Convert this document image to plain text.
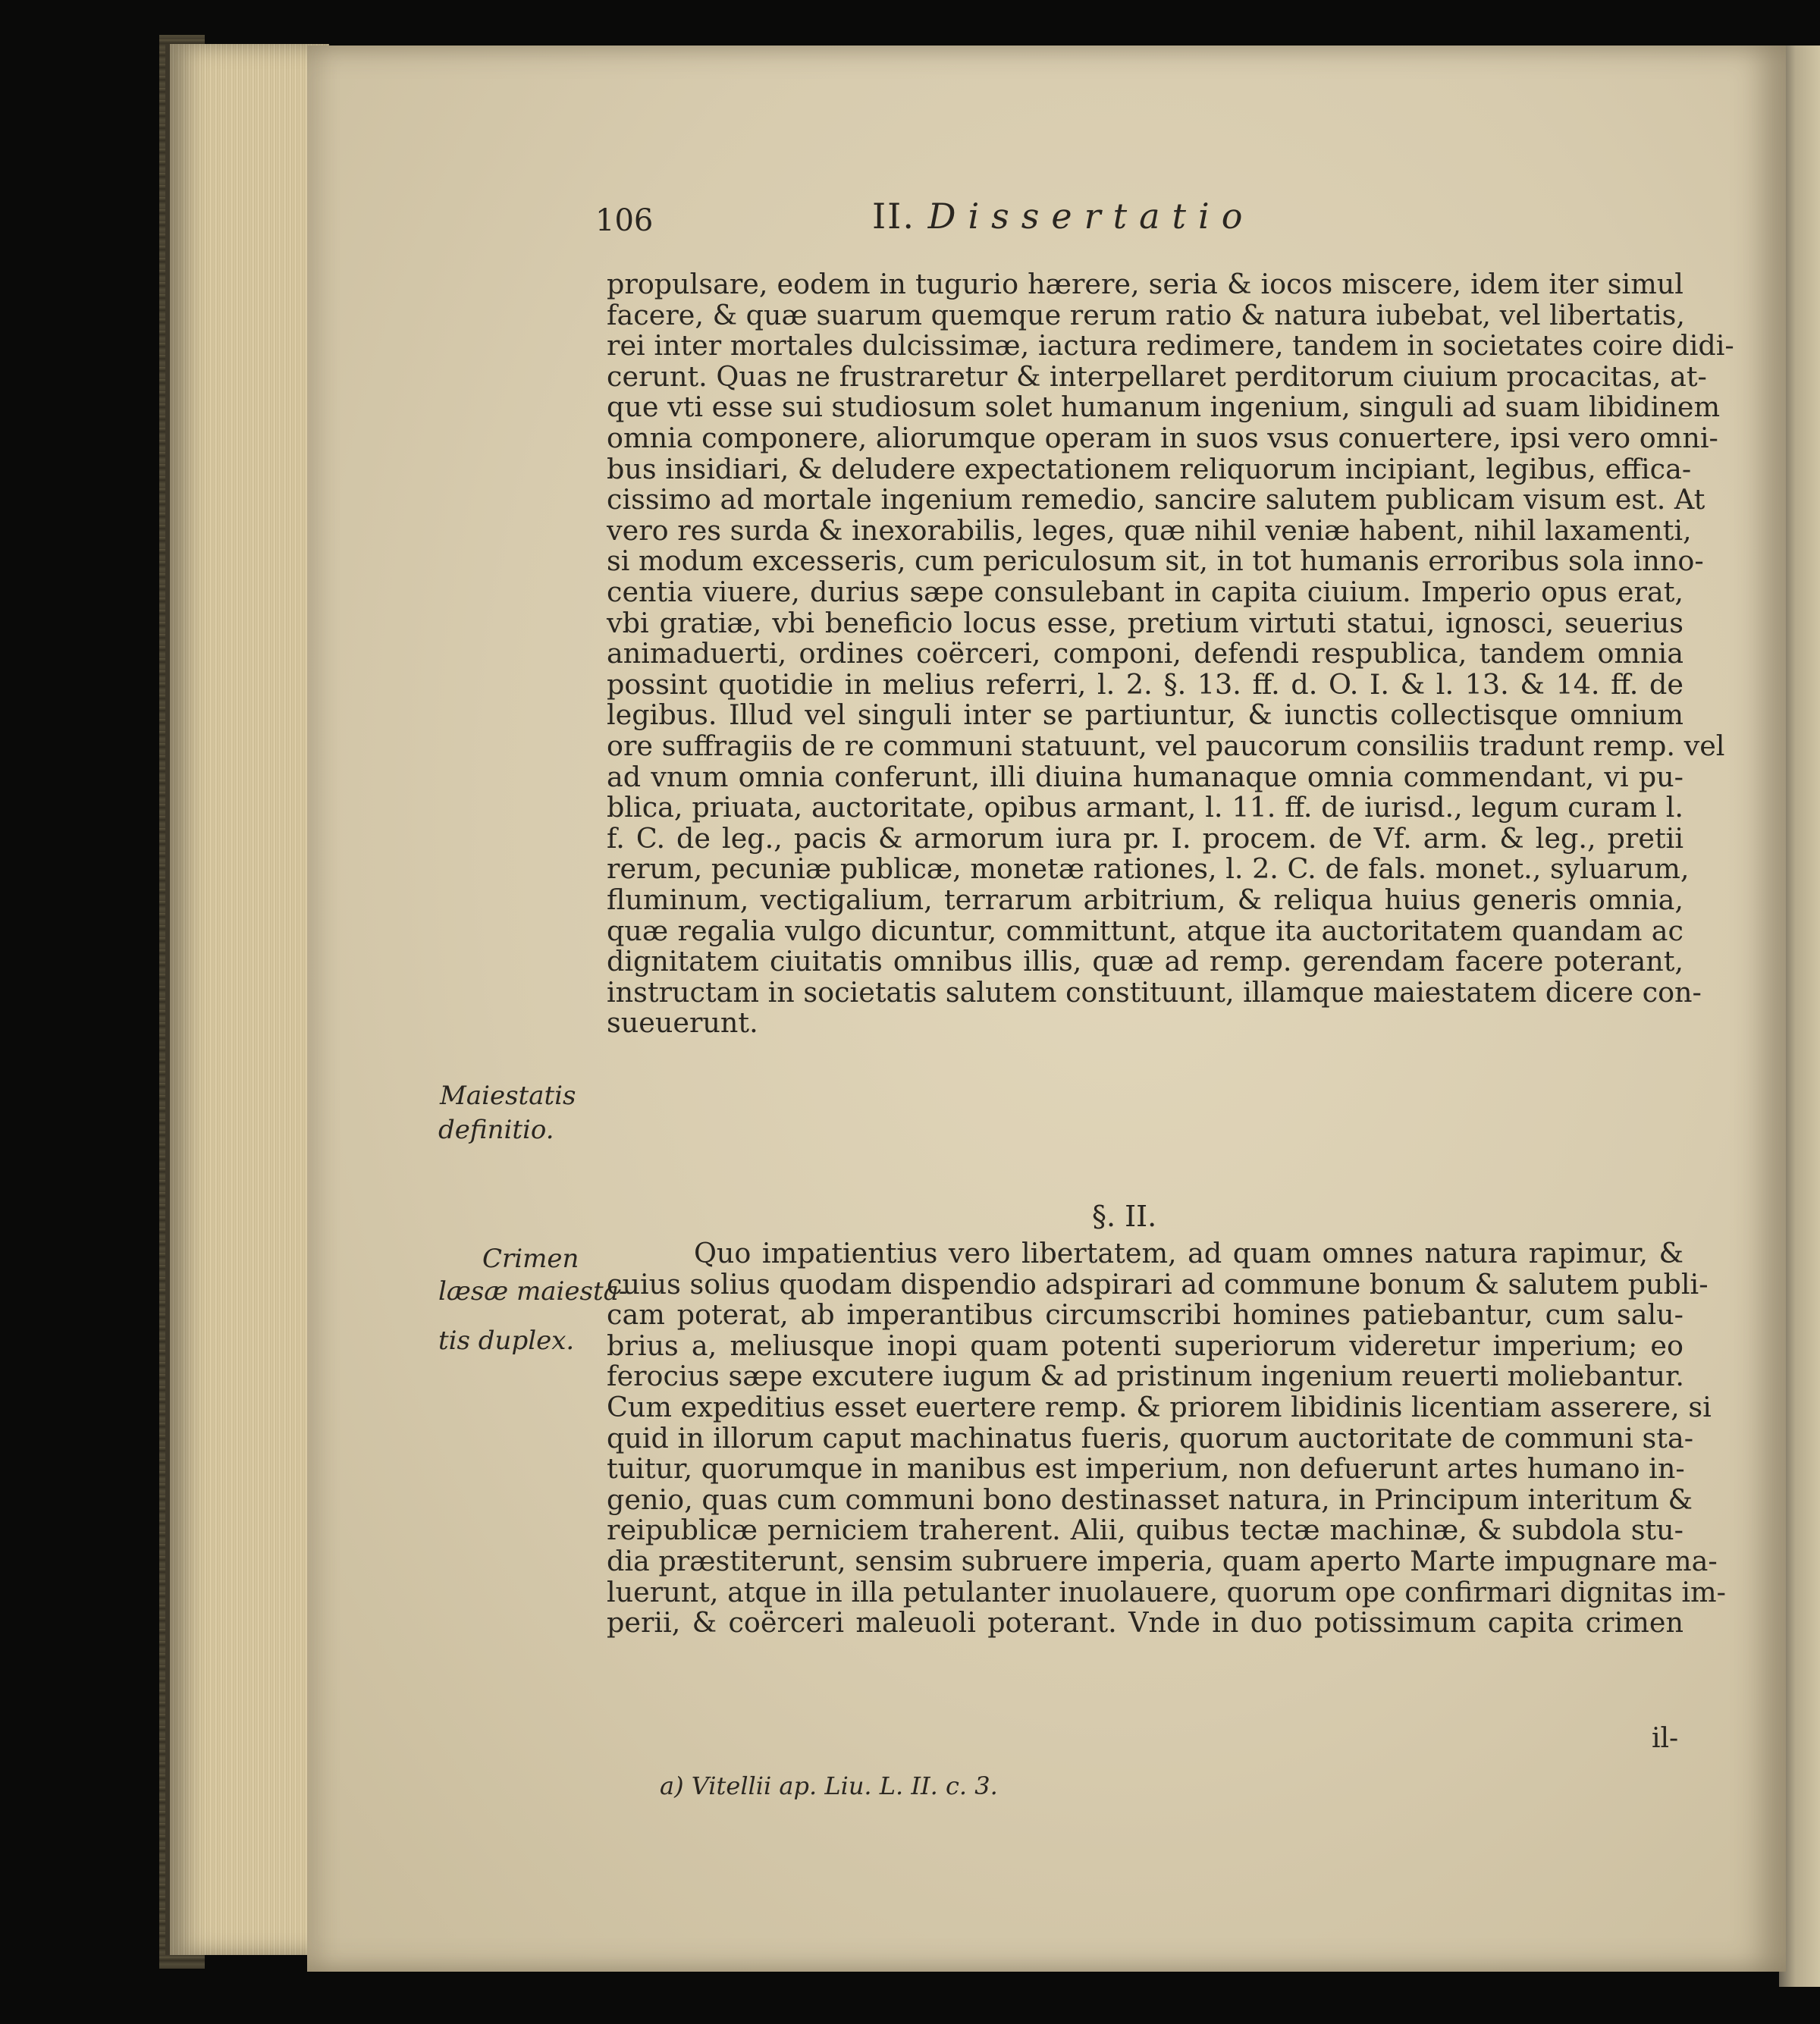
106	II. Dissertatio
propulsare, eodem in tugurio hærere, seria & iocos miscere, idem iter simul
facere, & quæ suarum quemque rerum ratio & natura iubebat, vel libertatis,
rei inter mortales dulcissimæ, iactura redimere, tandem in societates coire didi-
cerunt. Quas ne frustraretur & interpellaret perditorum ciuium procacitas, at-
que vti esse sui studiosum solet humanum ingenium, singuli ad suam libidinem
omnia componere, aliorumque operam in suos vsus conuertere, ipsi vero omni-
bus insidiari, & deludere expectationem reliquorum incipiant, legibus, effica-
cissimo ad mortale ingenium remedio, sancire salutem publicam visum est. At
vero res surda & inexorabilis, leges, quæ nihil veniæ habent, nihil laxamenti,
si modum excesseris, cum periculosum sit, in tot humanis erroribus sola inno-
centia viuere, durius sæpe consulebant in capita ciuium. Imperio opus erat,
vbi gratiæ, vbi beneficio locus esse, pretium virtuti statui, ignosci, seuerius
animaduerti, ordines coërceri, componi, defendi respublica, tandem omnia
possint quotidie in melius referri, l. 2. §. 13. ff. d. O. I. & l. 13. & 14. ff. de
legibus. Illud vel singuli inter se partiuntur, & iunctis collectisque omnium
ore suffragiis de re communi statuunt, vel paucorum consiliis tradunt remp. vel
ad vnum omnia conferunt, illi diuina humanaque omnia commendant, vi pu-
blica, priuata, auctoritate, opibus armant, l. 11. ff. de iurisd., legum curam l.
f. C. de leg., pacis & armorum iura pr. I. procem. de Vf. arm. & leg., pretii
rerum, pecuniæ publicæ, monetæ rationes, l. 2. C. de fals. monet., syluarum,
fluminum, vectigalium, terrarum arbitrium, & reliqua huius generis omnia,
quæ regalia vulgo dicuntur, committunt, atque ita auctoritatem quandam ac
dignitatem ciuitatis omnibus illis, quæ ad remp. gerendam facere poterant,
instructam in societatis salutem constituunt, illamque maiestatem dicere con-
sueuerunt.
§. II.
Quo impatientius vero libertatem, ad quam omnes natura rapimur, &
cuius solius quodam dispendio adspirari ad commune bonum & salutem publi-
cam poterat, ab imperantibus circumscribi homines patiebantur, cum salu-
brius a, meliusque inopi quam potenti superiorum videretur imperium; eo
ferocius sæpe excutere iugum & ad pristinum ingenium reuerti moliebantur.
Cum expeditius esset euertere remp. & priorem libidinis licentiam asserere, si
quid in illorum caput machinatus fueris, quorum auctoritate de communi sta-
tuitur, quorumque in manibus est imperium, non defuerunt artes humano in-
genio, quas cum communi bono destinasset natura, in Principum interitum &
reipublicæ perniciem traherent. Alii, quibus tectæ machinæ, & subdola stu-
dia præstiterunt, sensim subruere imperia, quam aperto Marte impugnare ma-
luerunt, atque in illa petulanter inuolauere, quorum ope confirmari dignitas im-
perii, & coërceri maleuoli poterant. Vnde in duo potissimum capita crimen
Maiestatis
definitio.
Crimen
læsæ maiesta-
tis duplex.
il-
a) Vitellii ap. Liu. L. II. c. 3.
